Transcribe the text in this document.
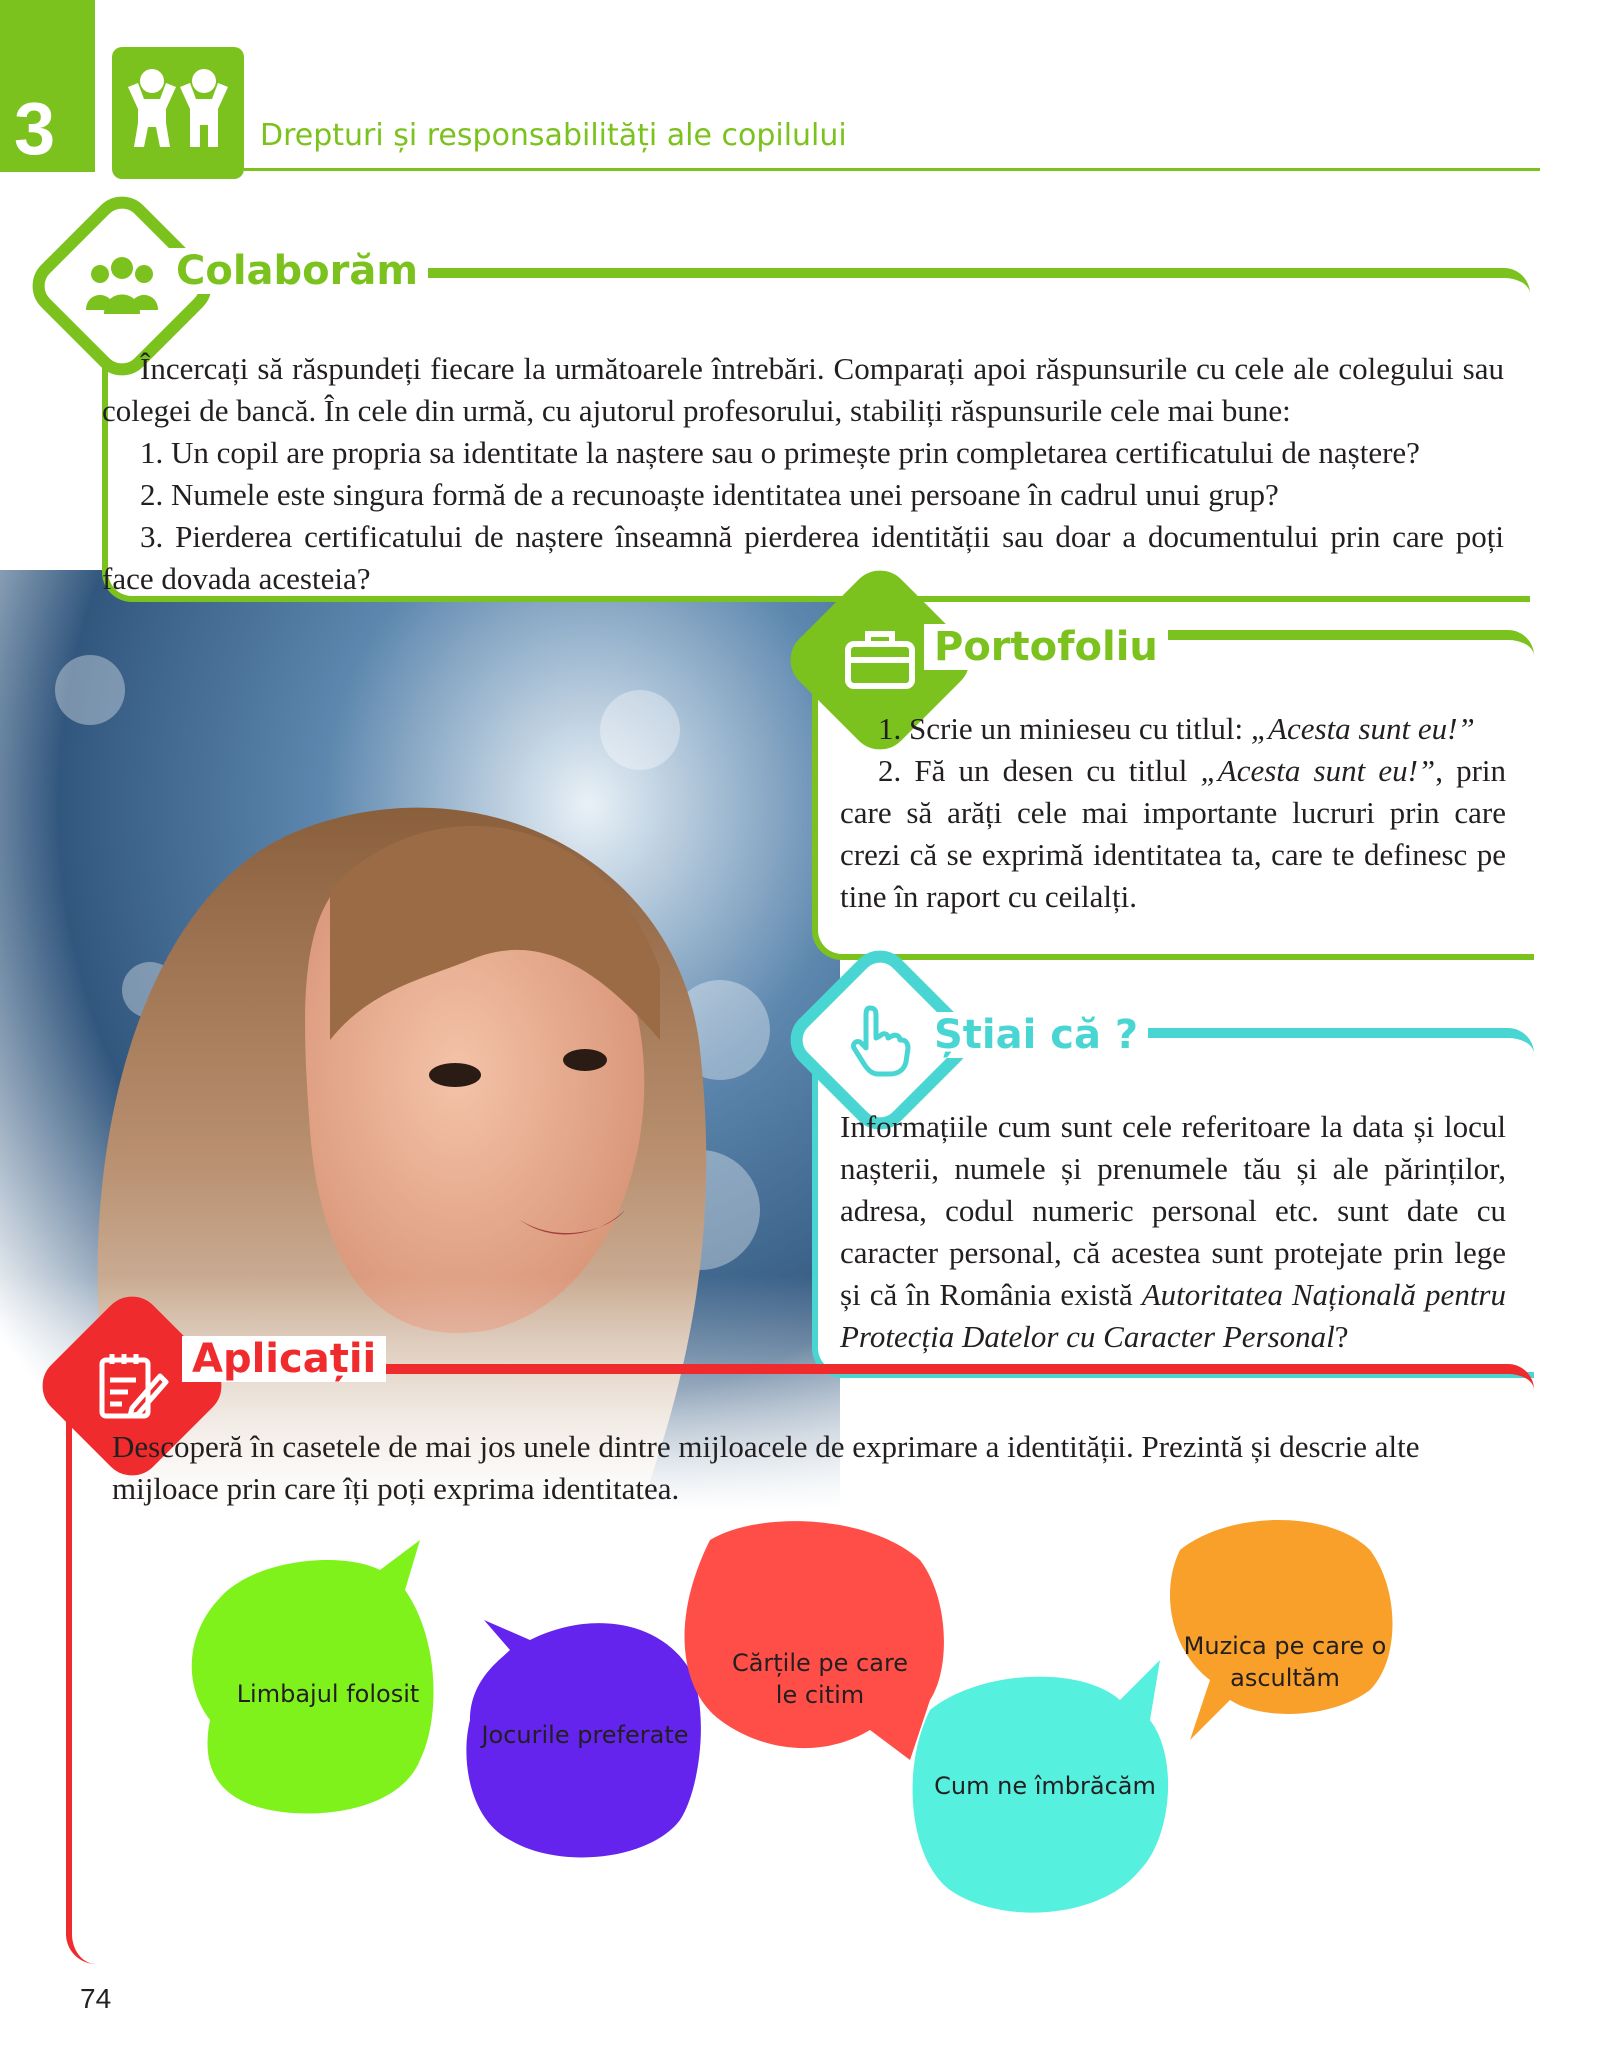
3	Drepturi și responsabilități ale copilului
Colaborăm

Încercați să răspundeți fiecare la următoarele întrebări. Comparați apoi răspunsurile cu cele ale colegului sau colegei de bancă. În cele din urmă, cu ajutorul profesorului, stabiliți răspunsurile cele mai bune:

1. Un copil are propria sa identitate la naștere sau o primește prin completarea certificatului de naștere?

2. Numele este singura formă de a recunoaște identitatea unei persoane în cadrul unui grup?

3. Pierderea certificatului de naștere înseamnă pierderea identității sau doar a documentului prin care poți face dovada acesteia?

Portofoliu

1. Scrie un minieseu cu titlul: „Acesta sunt eu!”

2. Fă un desen cu titlul „Acesta sunt eu!”, prin care să arăți cele mai importante lucruri prin care crezi că se exprimă identitatea ta, care te definesc pe tine în raport cu ceilalți.

Știai că ?

Informațiile cum sunt cele referitoare la data și locul nașterii, numele și prenumele tău și ale părinților, adresa, codul numeric personal etc. sunt date cu caracter personal, că acestea sunt protejate prin lege și că în România există Autoritatea Națională pentru Protecția Datelor cu Caracter Personal?

Aplicații

Descoperă în casetele de mai jos unele dintre mijloacele de exprimare a identității. Prezintă și descrie alte mijloace prin care îți poți exprima identitatea.

Limbajul folosit
Jocurile preferate
Cărțile pe care le citim
Cum ne îmbrăcăm
Muzica pe care o ascultăm
74
